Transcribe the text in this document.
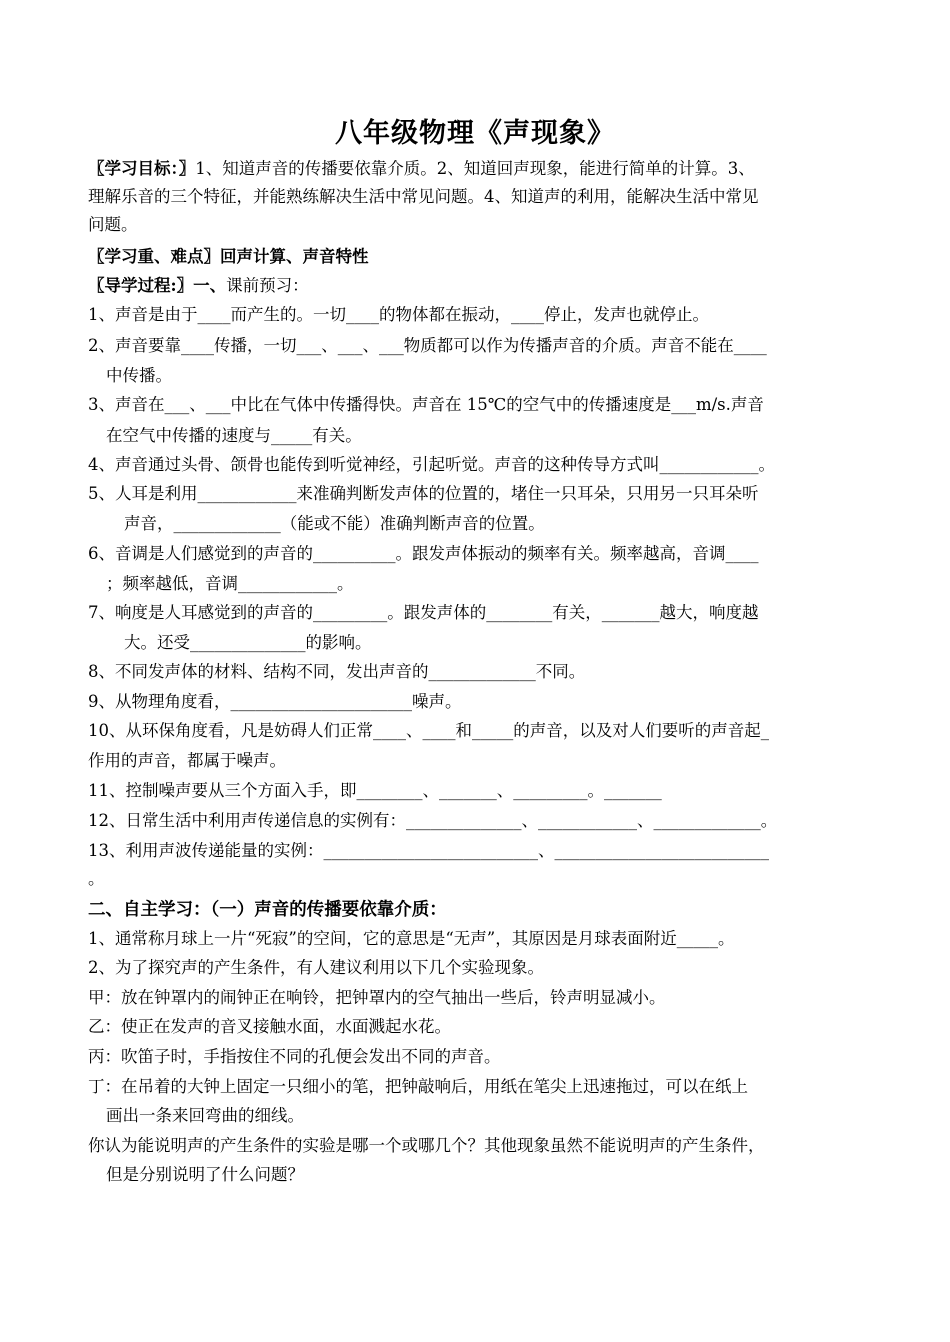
八年级物理《声现象》
〖学习目标：〗1、知道声音的传播要依靠介质。2、知道回声现象，能进行简单的计算。3、
理解乐音的三个特征，并能熟练解决生活中常见问题。4、知道声的利用，能解决生活中常见
问题。
〖学习重、难点〗回声计算、声音特性
〖导学过程:〗一、课前预习：
1、声音是由于____而产生的。一切____的物体都在振动，____停止，发声也就停止。
2、声音要靠____传播，一切___、___、___物质都可以作为传播声音的介质。声音不能在____
中传播。
3、声音在___、___中比在气体中传播得快。声音在 15℃的空气中的传播速度是___m/s.声音
在空气中传播的速度与_____有关。
4、声音通过头骨、颌骨也能传到听觉神经，引起听觉。声音的这种传导方式叫____________。
5、人耳是利用____________来准确判断发声体的位置的，堵住一只耳朵，只用另一只耳朵听
声音，_____________（能或不能）准确判断声音的位置。
6、音调是人们感觉到的声音的__________。跟发声体振动的频率有关。频率越高，音调____
；频率越低，音调____________。
7、响度是人耳感觉到的声音的_________。跟发声体的________有关，_______越大，响度越
大。还受______________的影响。
8、不同发声体的材料、结构不同，发出声音的_____________不同。
9、从物理角度看，______________________噪声。
10、从环保角度看，凡是妨碍人们正常____、____和_____的声音，以及对人们要听的声音起_
作用的声音，都属于噪声。
11、控制噪声要从三个方面入手，即________、_______、_________。_______
12、日常生活中利用声传递信息的实例有：______________、____________、_____________。
13、利用声波传递能量的实例：__________________________、__________________________
。
二、自主学习：（一）声音的传播要依靠介质：
1、通常称月球上一片“死寂”的空间，它的意思是“无声”，其原因是月球表面附近_____。
2、为了探究声的产生条件，有人建议利用以下几个实验现象。
甲：放在钟罩内的闹钟正在响铃，把钟罩内的空气抽出一些后，铃声明显减小。
乙：使正在发声的音叉接触水面，水面溅起水花。
丙：吹笛子时，手指按住不同的孔便会发出不同的声音。
丁：在吊着的大钟上固定一只细小的笔，把钟敲响后，用纸在笔尖上迅速拖过，可以在纸上
画出一条来回弯曲的细线。
你认为能说明声的产生条件的实验是哪一个或哪几个？其他现象虽然不能说明声的产生条件，
但是分别说明了什么问题？
